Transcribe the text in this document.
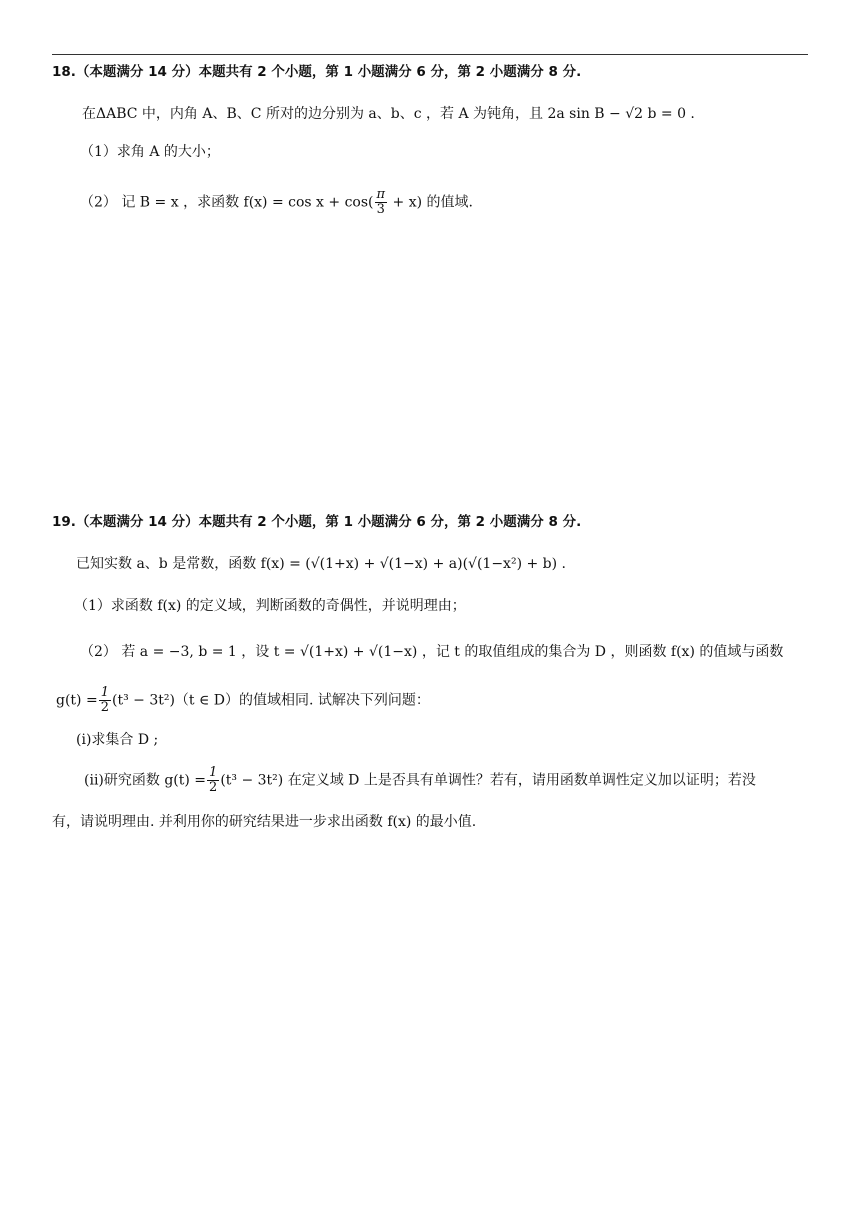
18.（本题满分 14 分）本题共有 2 个小题，第 1 小题满分 6 分，第 2 小题满分 8 分.
在ΔABC 中，内角 A、B、C 所对的边分别为 a、b、c ，若 A 为钝角，且 2a sin B − √2 b = 0 .
（1）求角 A 的大小；
（2） 记 B = x ，求函数 $f(x) = \cos x + \cos( \frac{\pi}{3} + x)$ 的值域.
19.（本题满分 14 分）本题共有 2 个小题，第 1 小题满分 6 分，第 2 小题满分 8 分.
已知实数 a、b 是常数，函数 f(x) = (√(1+x) + √(1−x) + a)(√(1−x²) + b) .
（1）求函数 f(x) 的定义域，判断函数的奇偶性，并说明理由；
（2） 若 a = −3, b = 1 ，设 t = √(1+x) + √(1−x) ，记 t 的取值组成的集合为 D ，则函数 f(x) 的值域与函数
$g(t) = \frac{1}{2} (t^3 - 3t^2)(t$ ∈ D）的值域相同. 试解决下列问题：
(i)求集合 D ;
(ii)研究函数 $g(t) = \frac{1}{2} (t^3 - 3t^2)$ 在定义域 D 上是否具有单调性？若有，请用函数单调性定义加以证明；若没
有，请说明理由. 并利用你的研究结果进一步求出函数 f(x) 的最小值.
